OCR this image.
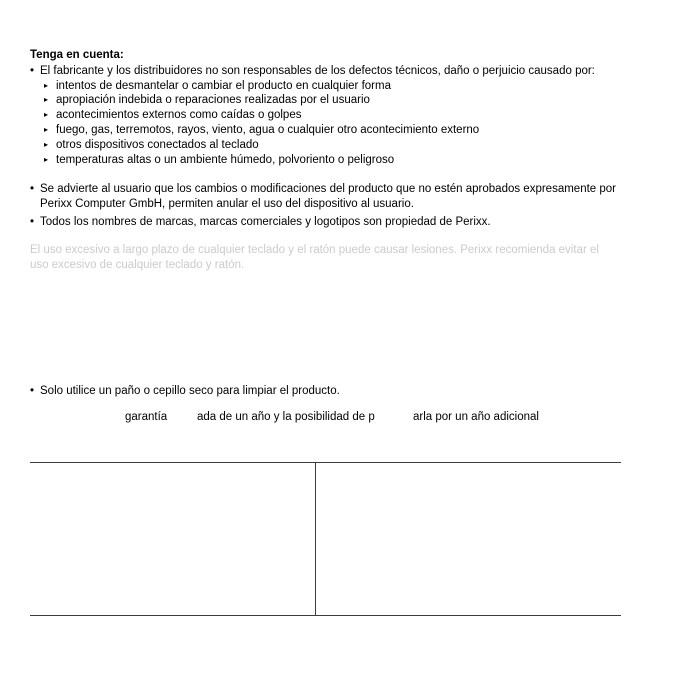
Tenga en cuenta:
• El fabricante y los distribuidores no son responsables de los defectos técnicos, daño o perjuicio causado por:
▸ intentos de desmantelar o cambiar el producto en cualquier forma
▸ apropiación indebida o reparaciones realizadas por el usuario
▸ acontecimientos externos como caídas o golpes
▸ fuego, gas, terremotos, rayos, viento, agua o cualquier otro acontecimiento externo
▸ otros dispositivos conectados al teclado
▸ temperaturas altas o un ambiente húmedo, polvoriento o peligroso
• Se advierte al usuario que los cambios o modificaciones del producto que no estén aprobados expresamente por Perixx Computer GmbH, permiten anular el uso del dispositivo al usuario.
• Todos los nombres de marcas, marcas comerciales y logotipos son propiedad de Perixx.
El uso excesivo a largo plazo de cualquier teclado y el ratón puede causar lesiones. Perixx recomienda evitar el uso excesivo de cualquier teclado y ratón.
• Solo utilice un paño o cepillo seco para limpiar el producto.
garantía	ada de un año y la posibilidad de p	arla por un año adicional
